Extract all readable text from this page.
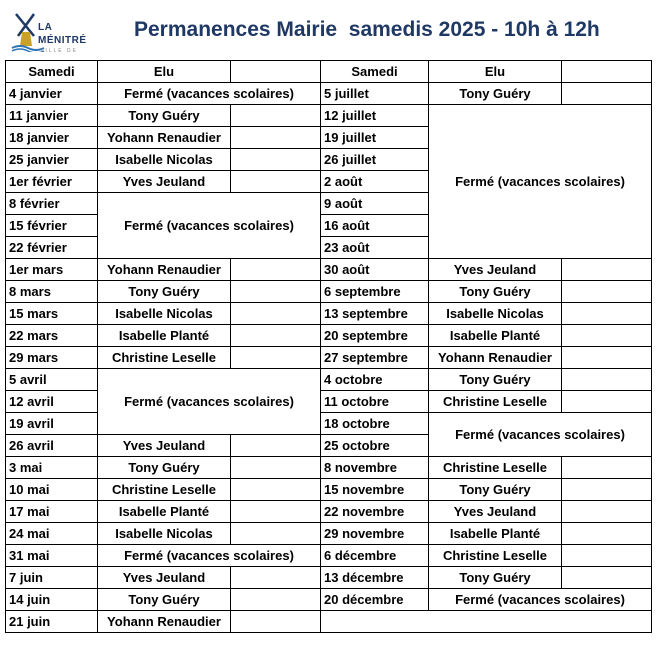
LA
MÉNITRÉ
VILLE DE
Permanences Mairie  samedis 2025 - 10h à 12h
Samedi	Elu		Samedi	Elu	
4 janvier	Fermé (vacances scolaires)		5 juillet	Tony Guéry	
11 janvier	Tony Guéry		12 juillet	Fermé (vacances scolaires)	
18 janvier	Yohann Renaudier		19 juillet		
25 janvier	Isabelle Nicolas		26 juillet		
1er février	Yves Jeuland		2 août		
8 février	Fermé (vacances scolaires)		9 août		
15 février			16 août		
22 février			23 août		
1er mars	Yohann Renaudier		30 août	Yves Jeuland	
8 mars	Tony Guéry		6 septembre	Tony Guéry	
15 mars	Isabelle Nicolas		13 septembre	Isabelle Nicolas	
22 mars	Isabelle Planté		20 septembre	Isabelle Planté	
29 mars	Christine Leselle		27 septembre	Yohann Renaudier	
5 avril	Fermé (vacances scolaires)		4 octobre	Tony Guéry	
12 avril			11 octobre	Christine Leselle	
19 avril			18 octobre	Fermé (vacances scolaires)	
26 avril	Yves Jeuland		25 octobre		
3 mai	Tony Guéry		8 novembre	Christine Leselle	
10 mai	Christine Leselle		15 novembre	Tony Guéry	
17 mai	Isabelle Planté		22 novembre	Yves Jeuland	
24 mai	Isabelle Nicolas		29 novembre	Isabelle Planté	
31 mai	Fermé (vacances scolaires)		6 décembre	Christine Leselle	
7 juin	Yves Jeuland		13 décembre	Tony Guéry	
14 juin	Tony Guéry		20 décembre	Fermé (vacances scolaires)	
21 juin	Yohann Renaudier				
